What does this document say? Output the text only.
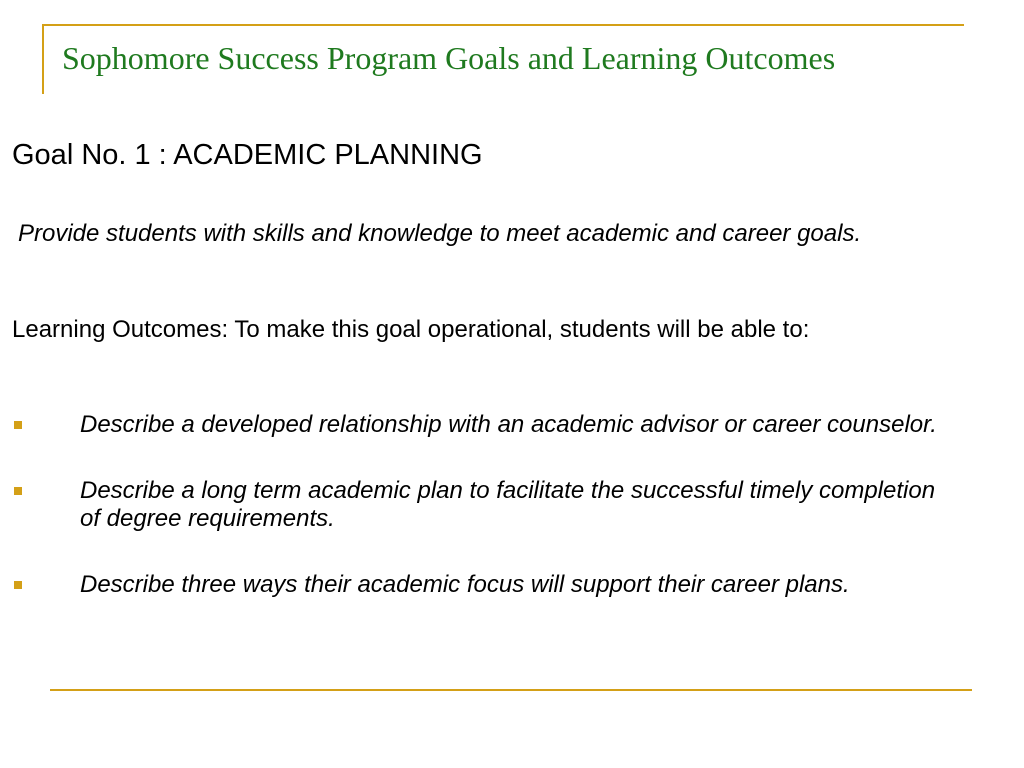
Sophomore Success Program Goals and Learning Outcomes
Goal No. 1 : ACADEMIC PLANNING
Provide students with skills and knowledge to meet academic and career goals.
Learning Outcomes: To make this goal operational, students will be able to:
Describe a developed relationship with an academic advisor or career counselor.
Describe a long term academic plan to facilitate the successful timely completion of degree requirements.
Describe three ways their academic focus will support their career plans.
